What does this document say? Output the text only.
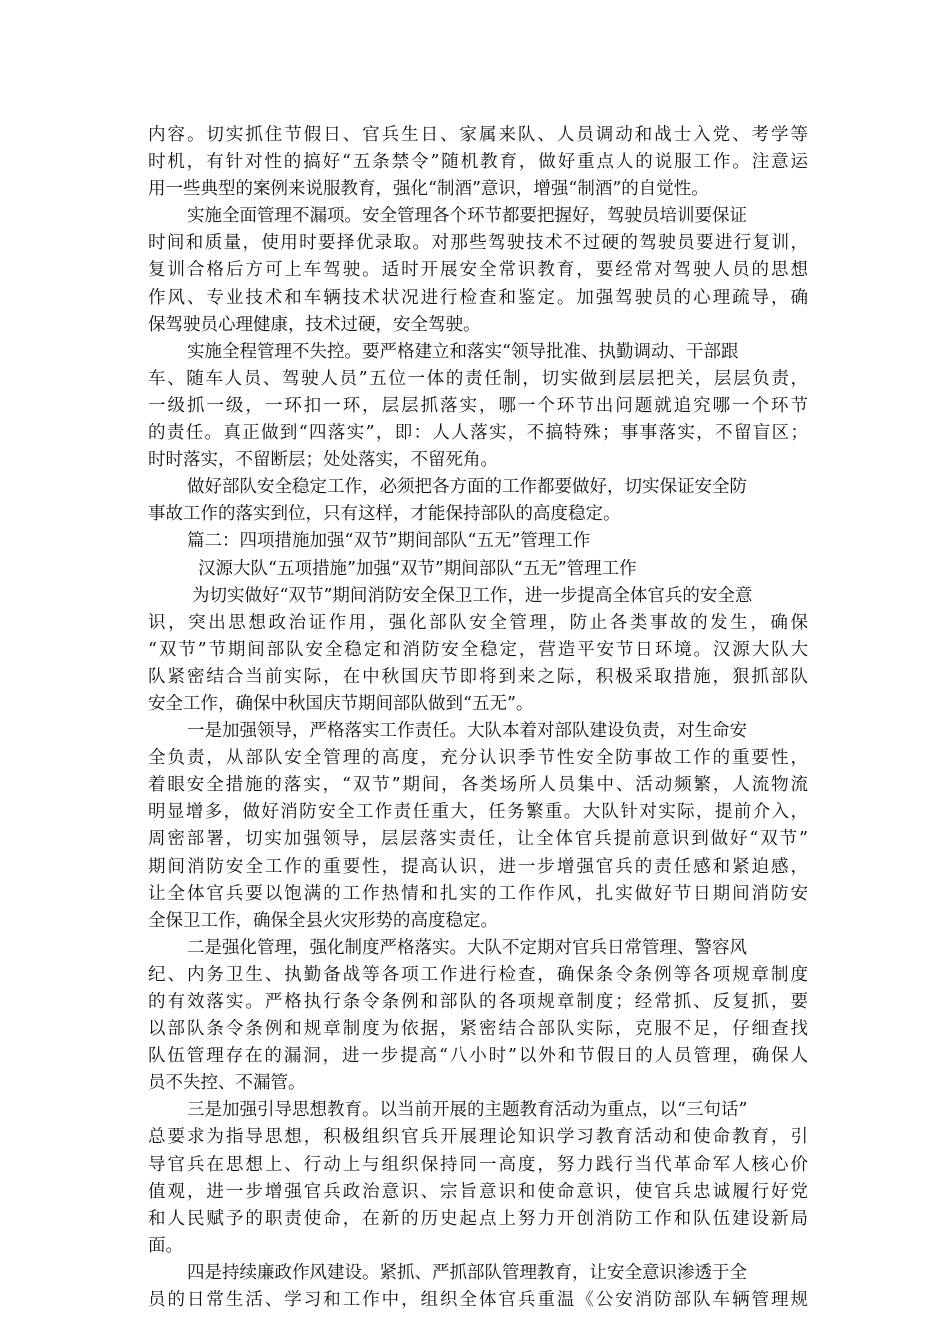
内容。切实抓住节假日、官兵生日、家属来队、人员调动和战士入党、考学等
时机，有针对性的搞好“五条禁令”随机教育，做好重点人的说服工作。注意运
用一些典型的案例来说服教育，强化“制酒”意识，增强“制酒”的自觉性。
实施全面管理不漏项。安全管理各个环节都要把握好，驾驶员培训要保证
时间和质量，使用时要择优录取。对那些驾驶技术不过硬的驾驶员要进行复训，
复训合格后方可上车驾驶。适时开展安全常识教育，要经常对驾驶人员的思想
作风、专业技术和车辆技术状况进行检查和鉴定。加强驾驶员的心理疏导，确
保驾驶员心理健康，技术过硬，安全驾驶。
实施全程管理不失控。要严格建立和落实“领导批准、执勤调动、干部跟
车、随车人员、驾驶人员”五位一体的责任制，切实做到层层把关，层层负责，
一级抓一级，一环扣一环，层层抓落实，哪一个环节出问题就追究哪一个环节
的责任。真正做到“四落实”，即：人人落实，不搞特殊；事事落实，不留盲区；
时时落实，不留断层；处处落实，不留死角。
做好部队安全稳定工作，必须把各方面的工作都要做好，切实保证安全防
事故工作的落实到位，只有这样，才能保持部队的高度稳定。
篇二：四项措施加强“双节”期间部队“五无”管理工作
汉源大队“五项措施”加强“双节”期间部队“五无”管理工作
为切实做好“双节”期间消防安全保卫工作，进一步提高全体官兵的安全意
识，突出思想政治证作用，强化部队安全管理，防止各类事故的发生，确保
“双节”节期间部队安全稳定和消防安全稳定，营造平安节日环境。汉源大队大
队紧密结合当前实际，在中秋国庆节即将到来之际，积极采取措施，狠抓部队
安全工作，确保中秋国庆节期间部队做到“五无”。
一是加强领导，严格落实工作责任。大队本着对部队建设负责，对生命安
全负责，从部队安全管理的高度，充分认识季节性安全防事故工作的重要性，
着眼安全措施的落实，“双节”期间，各类场所人员集中、活动频繁，人流物流
明显增多，做好消防安全工作责任重大，任务繁重。大队针对实际，提前介入，
周密部署，切实加强领导，层层落实责任，让全体官兵提前意识到做好“双节”
期间消防安全工作的重要性，提高认识，进一步增强官兵的责任感和紧迫感，
让全体官兵要以饱满的工作热情和扎实的工作作风，扎实做好节日期间消防安
全保卫工作，确保全县火灾形势的高度稳定。
二是强化管理，强化制度严格落实。大队不定期对官兵日常管理、警容风
纪、内务卫生、执勤备战等各项工作进行检查，确保条令条例等各项规章制度
的有效落实。严格执行条令条例和部队的各项规章制度；经常抓、反复抓，要
以部队条令条例和规章制度为依据，紧密结合部队实际，克服不足，仔细查找
队伍管理存在的漏洞，进一步提高“八小时”以外和节假日的人员管理，确保人
员不失控、不漏管。
三是加强引导思想教育。以当前开展的主题教育活动为重点，以“三句话”
总要求为指导思想，积极组织官兵开展理论知识学习教育活动和使命教育，引
导官兵在思想上、行动上与组织保持同一高度，努力践行当代革命军人核心价
值观，进一步增强官兵政治意识、宗旨意识和使命意识，使官兵忠诚履行好党
和人民赋予的职责使命，在新的历史起点上努力开创消防工作和队伍建设新局
面。
四是持续廉政作风建设。紧抓、严抓部队管理教育，让安全意识渗透于全
员的日常生活、学习和工作中，组织全体官兵重温《公安消防部队车辆管理规
